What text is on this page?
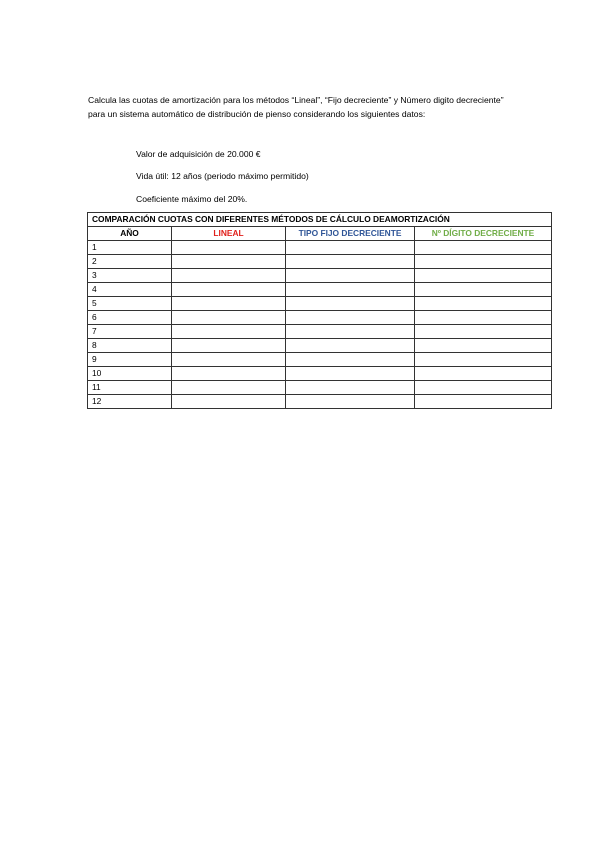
Calcula las cuotas de amortización para los métodos “Lineal”, “Fijo decreciente” y Número digito decreciente” para un sistema automático de distribución de pienso considerando los siguientes datos:

Valor de adquisición de 20.000 €

Vida útil: 12 años (periodo máximo permitido)

Coeficiente máximo del 20%.

COMPARACIÓN CUOTAS CON DIFERENTES MÉTODOS DE CÁLCULO DEAMORTIZACIÓN			
AÑO	LINEAL	TIPO FIJO DECRECIENTE	Nº DÍGITO DECRECIENTE
1			
2			
3			
4			
5			
6			
7			
8			
9			
10			
11			
12			
